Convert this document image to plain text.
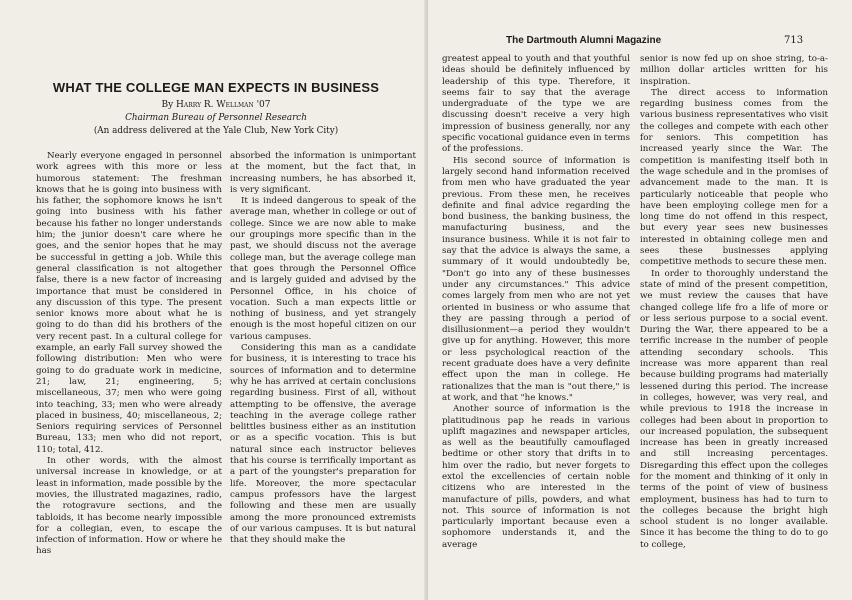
WHAT THE COLLEGE MAN EXPECTS IN BUSINESS
By Harry R. Wellman '07
Chairman Bureau of Personnel Research
(An address delivered at the Yale Club, New York City)

Nearly everyone engaged in personnel work agrees with this more or less humorous statement: The freshman knows that he is going into business with his father, the sophomore knows he isn't going into business with his father because his father no longer understands him; the junior doesn't care where he goes, and the senior hopes that he may be successful in getting a job. While this general classification is not altogether false, there is a new factor of increasing importance that must be considered in any discussion of this type. The present senior knows more about what he is going to do than did his brothers of the very recent past. In a cultural college for example, an early Fall survey showed the following distribution: Men who were going to do graduate work in medicine, 21; law, 21; engineering, 5; miscellaneous, 37; men who were going into teaching, 33; men who were already placed in business, 40; miscellaneous, 2; Seniors requiring services of Personnel Bureau, 133; men who did not report, 110; total, 412.

In other words, with the almost universal increase in knowledge, or at least in information, made possible by the movies, the illustrated magazines, radio, the rotogravure sections, and the tabloids, it has become nearly impossible for a collegian, even, to escape the infection of information. How or where he has

absorbed the information is unimportant at the moment, but the fact that, in increasing numbers, he has absorbed it, is very significant.

It is indeed dangerous to speak of the average man, whether in college or out of college. Since we are now able to make our groupings more specific than in the past, we should discuss not the average college man, but the average college man that goes through the Personnel Office and is largely guided and advised by the Personnel Office, in his choice of vocation. Such a man expects little or nothing of business, and yet strangely enough is the most hopeful citizen on our various campuses.

Considering this man as a candidate for business, it is interesting to trace his sources of information and to determine why he has arrived at certain conclusions regarding business. First of all, without attempting to be offensive, the average teaching in the average college rather belittles business either as an institution or as a specific vocation. This is but natural since each instructor believes that his course is terrifically important as a part of the youngster's preparation for life. Moreover, the more spectacular campus professors have the largest following and these men are usually among the more pronounced extremists of our various campuses. It is but natural that they should make the

greatest appeal to youth and that youthful ideas should be definitely influenced by leadership of this type. Therefore, it seems fair to say that the average undergraduate of the type we are discussing doesn't receive a very high impression of business generally, nor any specific vocational guidance even in terms of the professions.

His second source of information is largely second hand information received from men who have graduated the year previous. From these men, he receives definite and final advice regarding the bond business, the banking business, the manufacturing business, and the insurance business. While it is not fair to say that the advice is always the same, a summary of it would undoubtedly be, "Don't go into any of these businesses under any circumstances." This advice comes largely from men who are not yet oriented in business or who assume that they are passing through a period of disillusionment—a period they wouldn't give up for anything. However, this more or less psychological reaction of the recent graduate does have a very definite effect upon the man in college. He rationalizes that the man is "out there," is at work, and that "he knows."

Another source of information is the platitudinous pap he reads in various uplift magazines and newspaper articles, as well as the beautifully camouflaged bedtime or other story that drifts in to him over the radio, but never forgets to extol the excellencies of certain noble citizens who are interested in the manufacture of pills, powders, and what not. This source of information is not particularly important because even a sophomore understands it, and the average

senior is now fed up on shoe string, to-a-million dollar articles written for his inspiration.

The direct access to information regarding business comes from the various business representatives who visit the colleges and compete with each other for seniors. This competition has increased yearly since the War. The competition is manifesting itself both in the wage schedule and in the promises of advancement made to the man. It is particularly noticeable that people who have been employing college men for a long time do not offend in this respect, but every year sees new businesses interested in obtaining college men and sees these businesses applying competitive methods to secure these men.

In order to thoroughly understand the state of mind of the present competition, we must review the causes that have changed college life fro a life of more or or less serious purpose to a social event. During the War, there appeared to be a terrific increase in the number of people attending secondary schools. This increase was more apparent than real because building programs had materially lessened during this period. The increase in colleges, however, was very real, and while previous to 1918 the increase in colleges had been about in proportion to our increased population, the subsequent increase has been in greatly increased and still increasing percentages. Disregarding this effect upon the colleges for the moment and thinking of it only in terms of the point of view of business employment, business has had to turn to the colleges because the bright high school student is no longer available. Since it has become the thing to do to go to college,

The Dartmouth Alumni Magazine	713
